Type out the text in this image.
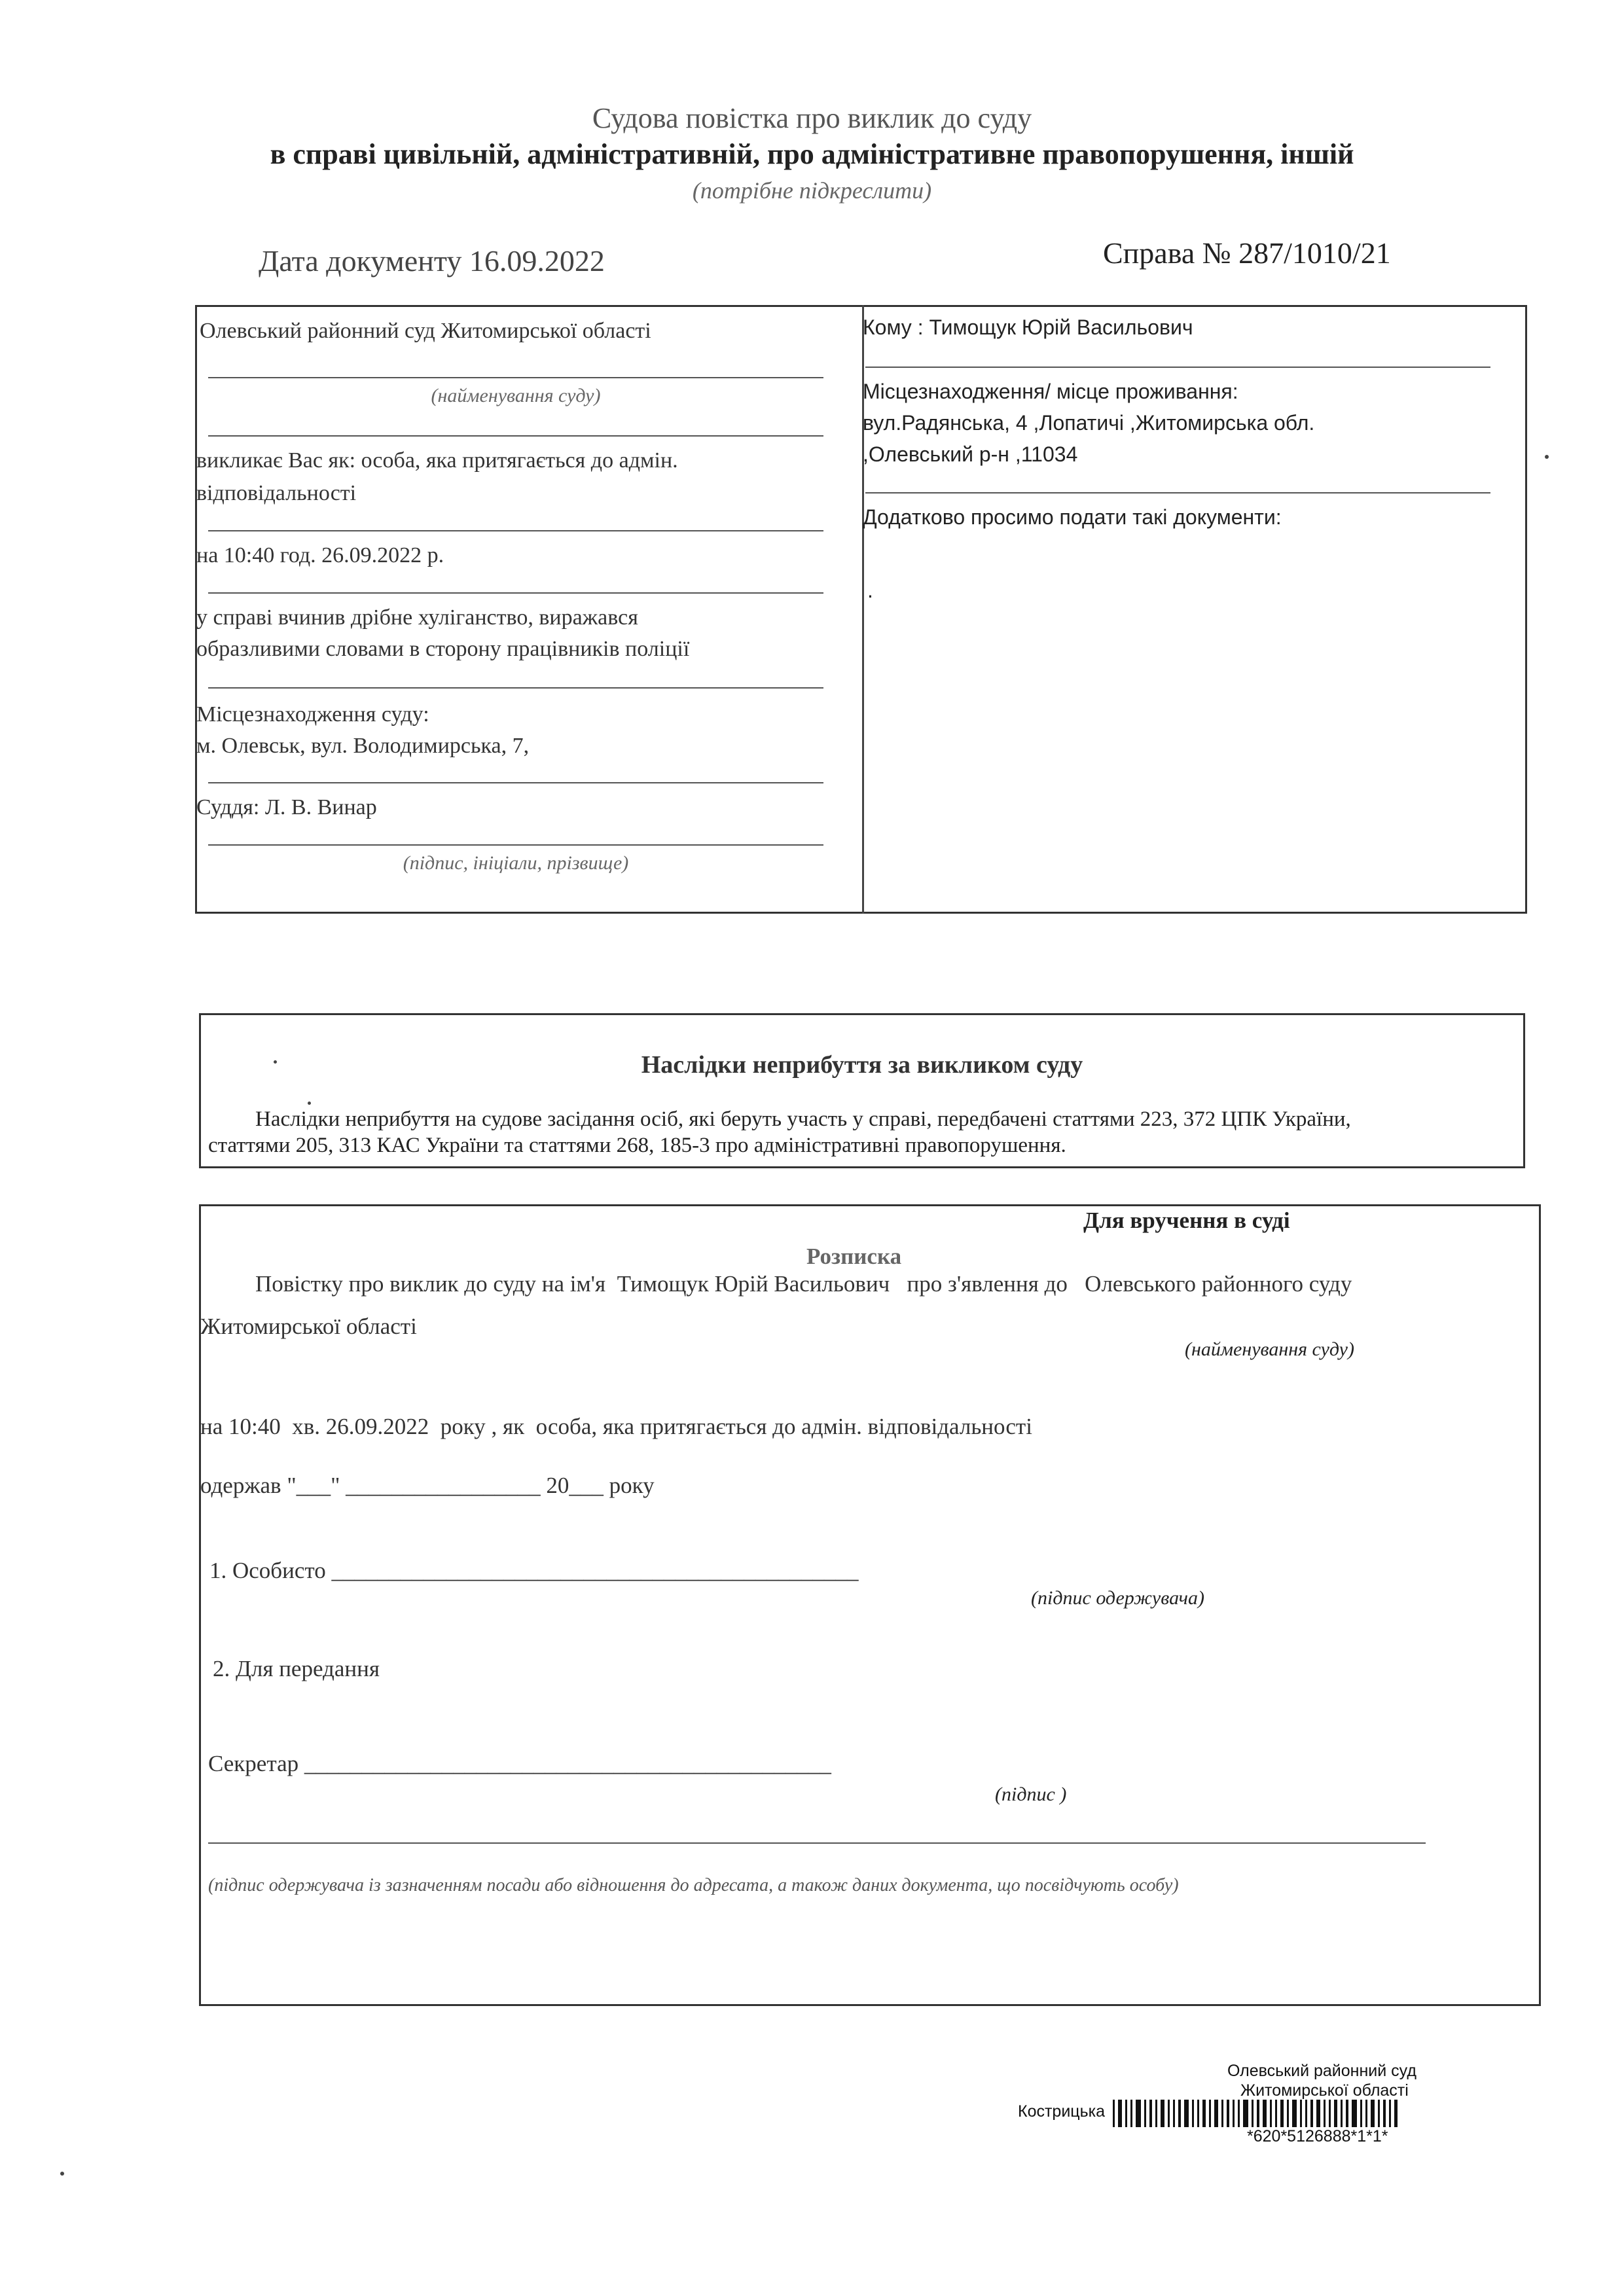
Судова повістка про виклик до суду
в справі цивільній, адміністративній, про адміністративне правопорушення, іншій
(потрібне підкреслити)
Дата документу 16.09.2022	Справа № 287/1010/21
Олевський районний суд Житомирської області
(найменування суду)
викликає Вас як: особа, яка притягається до адмін.
відповідальності
на 10:40 год. 26.09.2022 р.
у справі вчинив дрібне хуліганство, виражався
образливими словами в сторону працівників поліції
Місцезнаходження суду:
м. Олевськ, вул. Володимирська, 7,
Суддя: Л. В. Винар
(підпис, ініціали, прізвище)
Кому : Тимощук Юрій Васильович
Місцезнаходження/ місце проживання:
вул.Радянська, 4 ,Лопатичі ,Житомирська обл.
,Олевський р-н ,11034
Додатково просимо подати такі документи:
.
Наслідки неприбуття за викликом суду
Наслідки неприбуття на судове засідання осіб, які беруть участь у справі, передбачені статтями 223, 372 ЦПК України,
статтями 205, 313 КАС України та статтями 268, 185-3 про адміністративні правопорушення.
Для вручення в суді
Розписка
Повістку про виклик до суду на ім'я  Тимощук Юрій Васильович   про з'явлення до   Олевського районного суду
Житомирської області
(найменування суду)
на 10:40  хв. 26.09.2022  року , як  особа, яка притягається до адмін. відповідальності
одержав "___" _________________ 20___ року
1. Особисто ______________________________________________
(підпис одержувача)
2. Для передання
Секретар ______________________________________________
(підпис )
(підпис одержувача із зазначенням посади або відношення до адресата, а також даних документа, що посвідчують особу)
Олевський районний суд
Житомирської області
Кострицька
*620*5126888*1*1*
